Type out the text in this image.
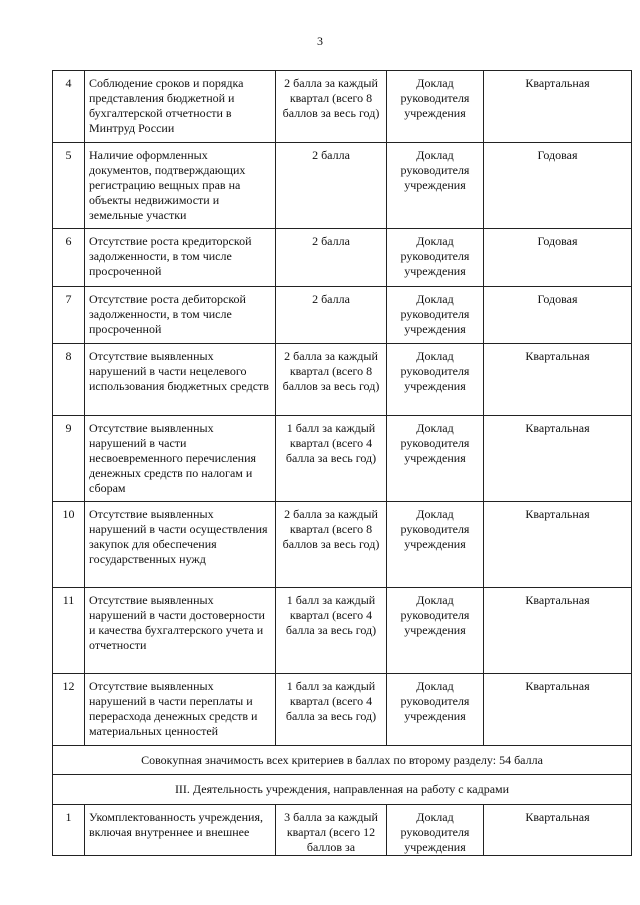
3
4	Соблюдение сроков и порядка представления бюджетной и бухгалтерской отчетности в Минтруд России	2 балла за каждый квартал (всего 8 баллов за весь год)	Доклад руководителя учреждения	Квартальная
5	Наличие оформленных документов, подтверждающих регистрацию вещных прав на объекты недвижимости и земельные участки	2 балла	Доклад руководителя учреждения	Годовая
6	Отсутствие роста кредиторской задолженности, в том числе просроченной	2 балла	Доклад руководителя учреждения	Годовая
7	Отсутствие роста дебиторской задолженности, в том числе просроченной	2 балла	Доклад руководителя учреждения	Годовая
8	Отсутствие выявленных нарушений в части нецелевого использования бюджетных средств	2 балла за каждый квартал (всего 8 баллов за весь год)	Доклад руководителя учреждения	Квартальная
9	Отсутствие выявленных нарушений в части несвоевременного перечисления денежных средств по налогам и сборам	1 балл за каждый квартал (всего 4 балла за весь год)	Доклад руководителя учреждения	Квартальная
10	Отсутствие выявленных нарушений в части осуществления закупок для обеспечения государственных нужд	2 балла за каждый квартал (всего 8 баллов за весь год)	Доклад руководителя учреждения	Квартальная
11	Отсутствие выявленных нарушений в части достоверности и качества бухгалтерского учета и отчетности	1 балл за каждый квартал (всего 4 балла за весь год)	Доклад руководителя учреждения	Квартальная
12	Отсутствие выявленных нарушений в части переплаты и перерасхода денежных средств и материальных ценностей	1 балл за каждый квартал (всего 4 балла за весь год)	Доклад руководителя учреждения	Квартальная
Совокупная значимость всех критериев в баллах по второму разделу: 54 балла				
III. Деятельность учреждения, направленная на работу с кадрами				
1	Укомплектованность учреждения, включая внутреннее и внешнее	3 балла за каждый квартал (всего 12 баллов за	Доклад руководителя учреждения	Квартальная
